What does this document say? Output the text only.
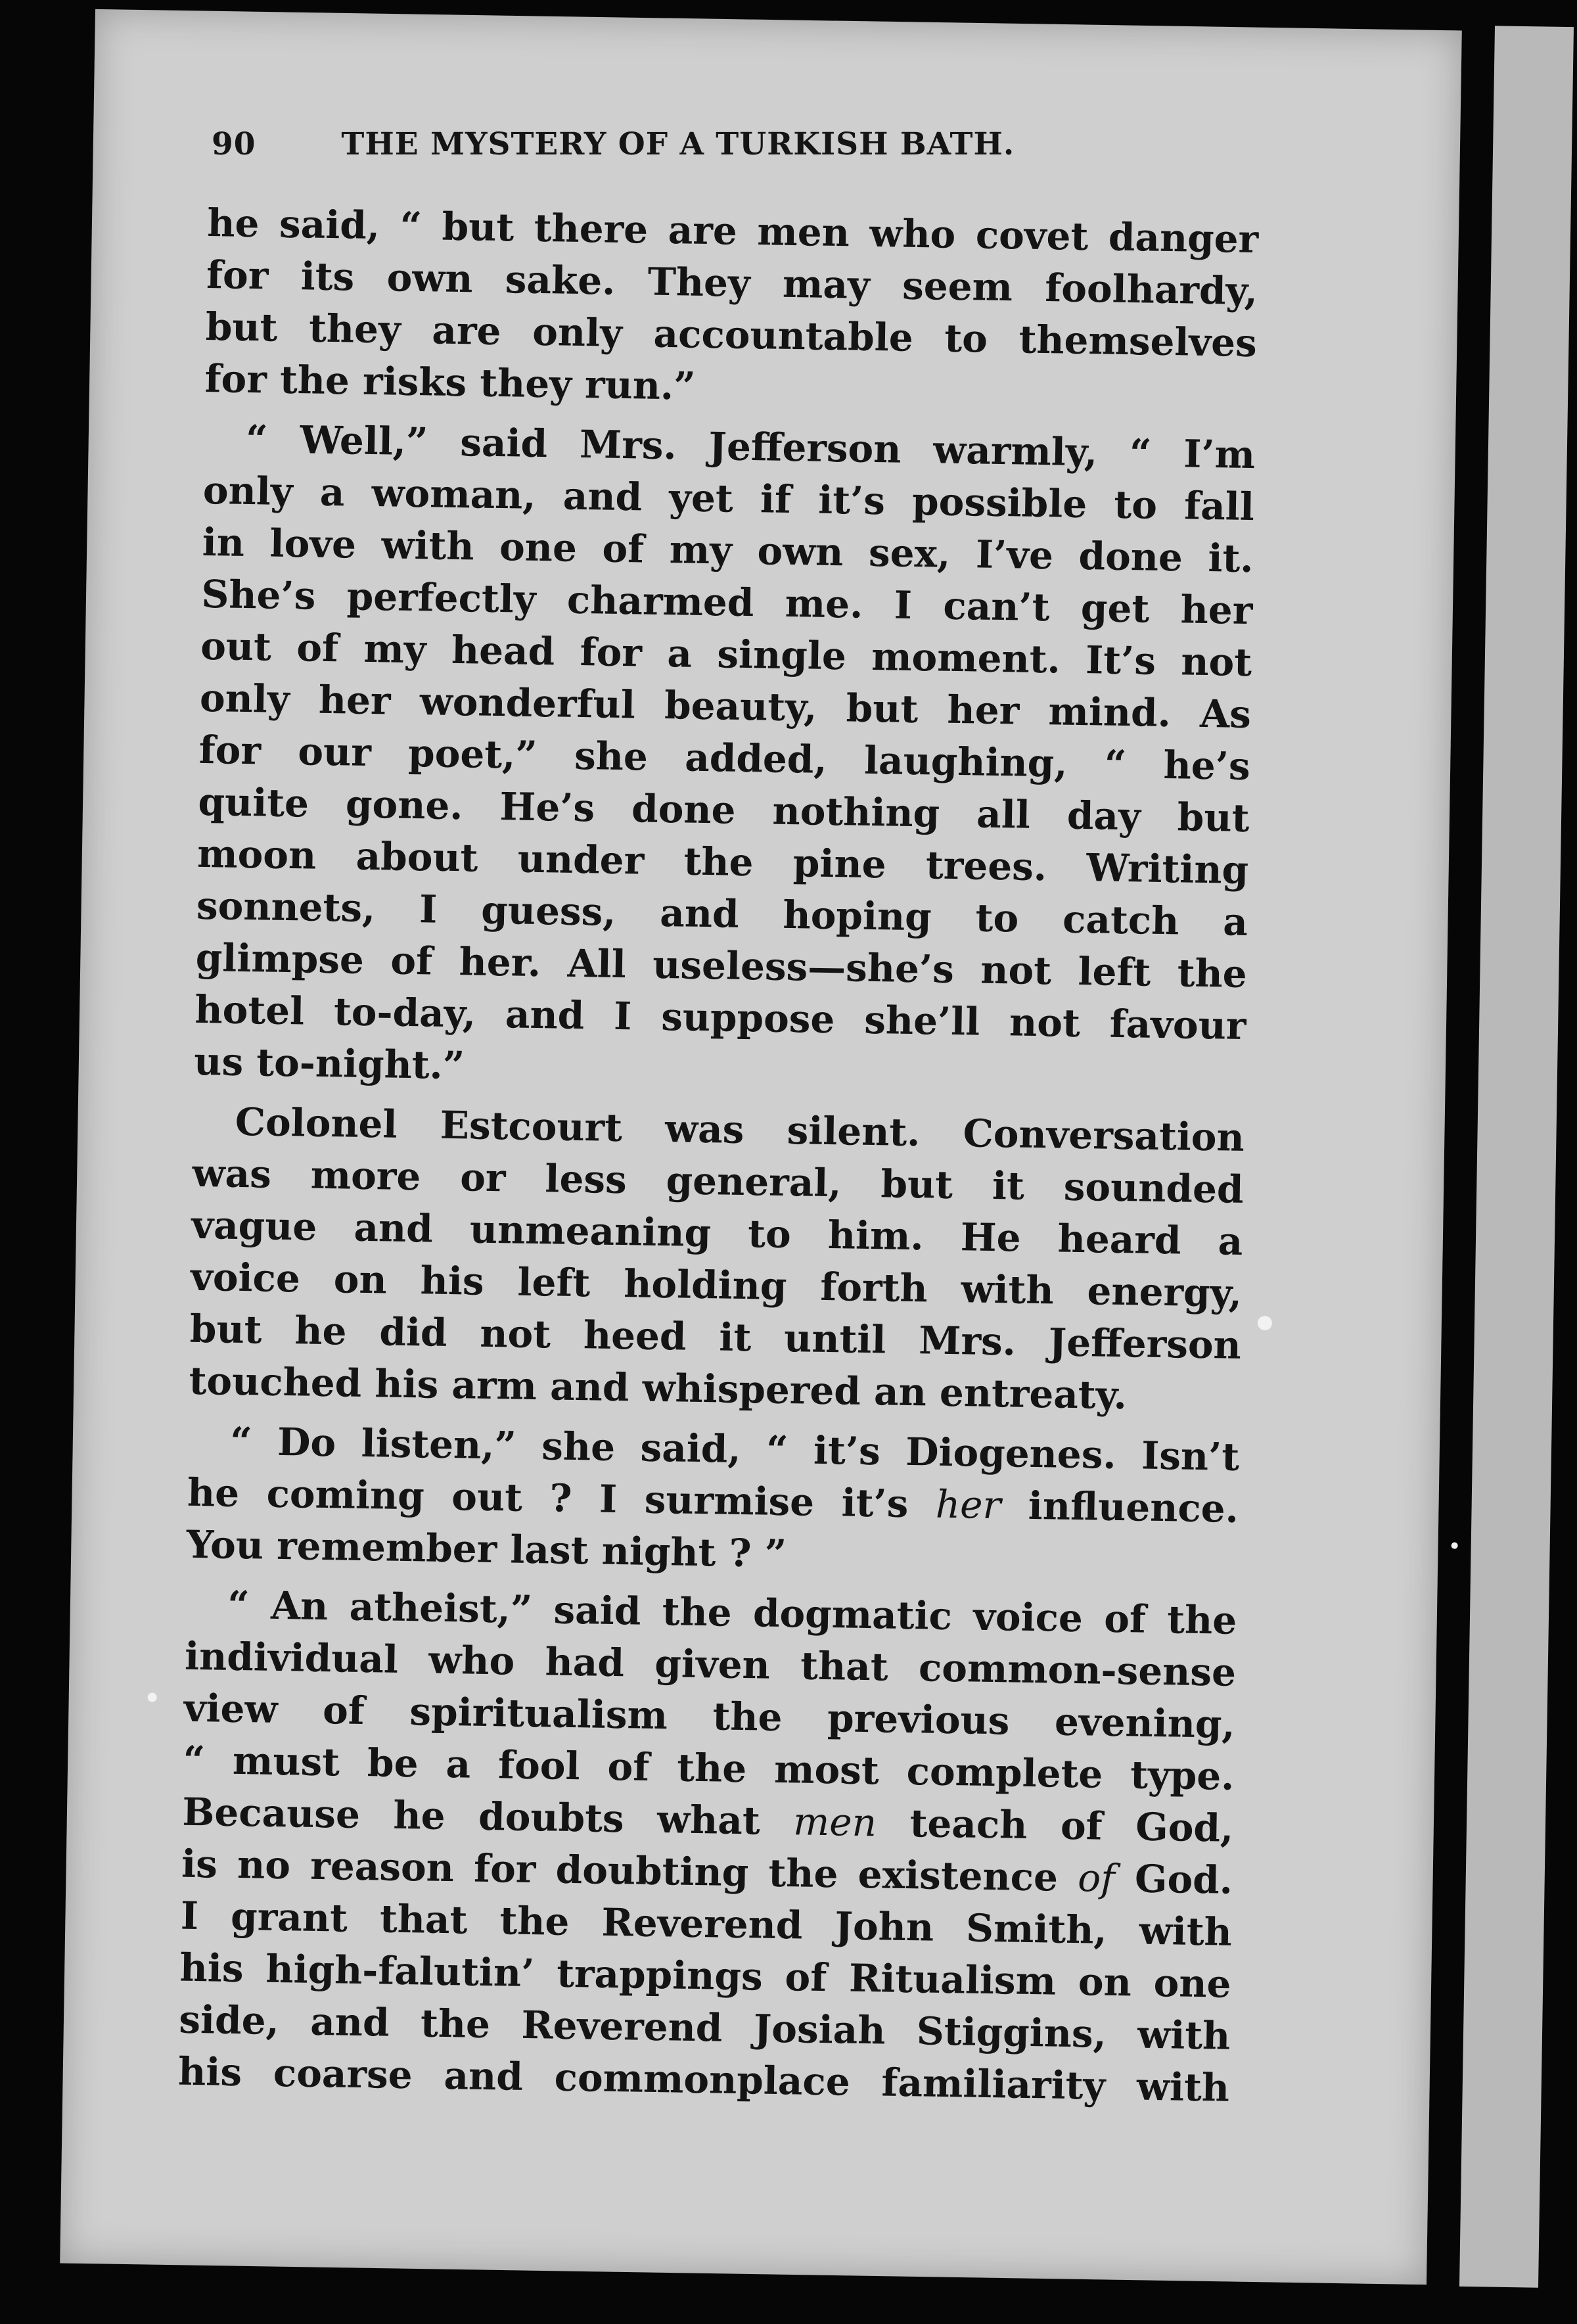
90	THE MYSTERY OF A TURKISH BATH.
he said, “ but there are men who covet danger
for its own sake. They may seem foolhardy,
but they are only accountable to themselves
for the risks they run.”
“ Well,” said Mrs. Jefferson warmly, “ I’m
only a woman, and yet if it’s possible to fall
in love with one of my own sex, I’ve done it.
She’s perfectly charmed me. I can’t get her
out of my head for a single moment. It’s not
only her wonderful beauty, but her mind. As
for our poet,” she added, laughing, “ he’s
quite gone. He’s done nothing all day but
moon about under the pine trees. Writing
sonnets, I guess, and hoping to catch a
glimpse of her. All useless—she’s not left the
hotel to-day, and I suppose she’ll not favour
us to-night.”
Colonel Estcourt was silent. Conversation
was more or less general, but it sounded
vague and unmeaning to him. He heard a
voice on his left holding forth with energy,
but he did not heed it until Mrs. Jefferson
touched his arm and whispered an entreaty.
“ Do listen,” she said, “ it’s Diogenes. Isn’t
he coming out ? I surmise it’s her influence.
You remember last night ? ”
“ An atheist,” said the dogmatic voice of the
individual who had given that common-sense
view of spiritualism the previous evening,
“ must be a fool of the most complete type.
Because he doubts what men teach of God,
is no reason for doubting the existence of God.
I grant that the Reverend John Smith, with
his high-falutin’ trappings of Ritualism on one
side, and the Reverend Josiah Stiggins, with
his coarse and commonplace familiarity with
